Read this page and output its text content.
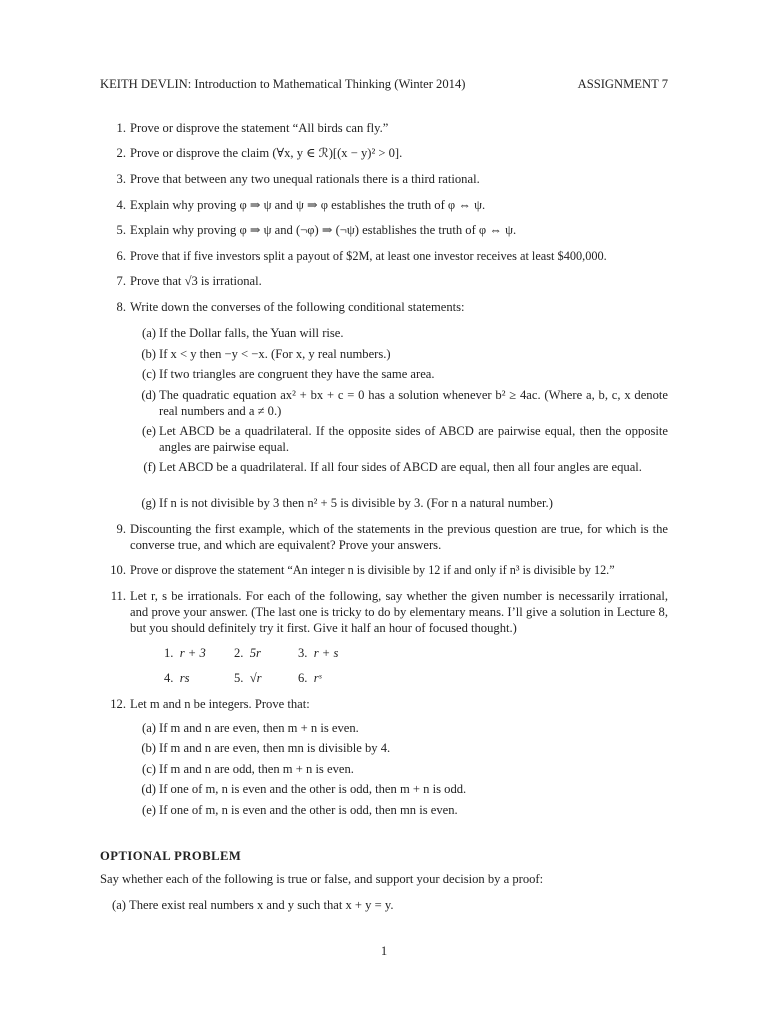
KEITH DEVLIN: Introduction to Mathematical Thinking (Winter 2014)	ASSIGNMENT 7
1. Prove or disprove the statement “All birds can fly.”
2. Prove or disprove the claim (∀x, y ∈ ℛ)[(x − y)² > 0].
3. Prove that between any two unequal rationals there is a third rational.
4. Explain why proving φ ⇒ ψ and ψ ⇒ φ establishes the truth of φ ⇔ ψ.
5. Explain why proving φ ⇒ ψ and (¬φ) ⇒ (¬ψ) establishes the truth of φ ⇔ ψ.
6. Prove that if five investors split a payout of $2M, at least one investor receives at least $400,000.
7. Prove that √3 is irrational.
8. Write down the converses of the following conditional statements:
(a) If the Dollar falls, the Yuan will rise.
(b) If x < y then −y < −x. (For x, y real numbers.)
(c) If two triangles are congruent they have the same area.
(d) The quadratic equation ax² + bx + c = 0 has a solution whenever b² ≥ 4ac. (Where a, b, c, x denote real numbers and a ≠ 0.)
(e) Let ABCD be a quadrilateral. If the opposite sides of ABCD are pairwise equal, then the opposite angles are pairwise equal.
(f) Let ABCD be a quadrilateral. If all four sides of ABCD are equal, then all four angles are equal.
(g) If n is not divisible by 3 then n² + 5 is divisible by 3. (For n a natural number.)
9. Discounting the first example, which of the statements in the previous question are true, for which is the converse true, and which are equivalent? Prove your answers.
10. Prove or disprove the statement “An integer n is divisible by 12 if and only if n³ is divisible by 12.”
11. Let r, s be irrationals. For each of the following, say whether the given number is necessarily irrational, and prove your answer. (The last one is tricky to do by elementary means. I’ll give a solution in Lecture 8, but you should definitely try it first. Give it half an hour of focused thought.)
1. r + 3 2. 5r	3. r + s
4. rs	5. √r	6. rˢ
12. Let m and n be integers. Prove that:
(a) If m and n are even, then m + n is even.
(b) If m and n are even, then mn is divisible by 4.
(c) If m and n are odd, then m + n is even.
(d) If one of m, n is even and the other is odd, then m + n is odd.
(e) If one of m, n is even and the other is odd, then mn is even.
OPTIONAL PROBLEM
Say whether each of the following is true or false, and support your decision by a proof:
(a) There exist real numbers x and y such that x + y = y.
1
